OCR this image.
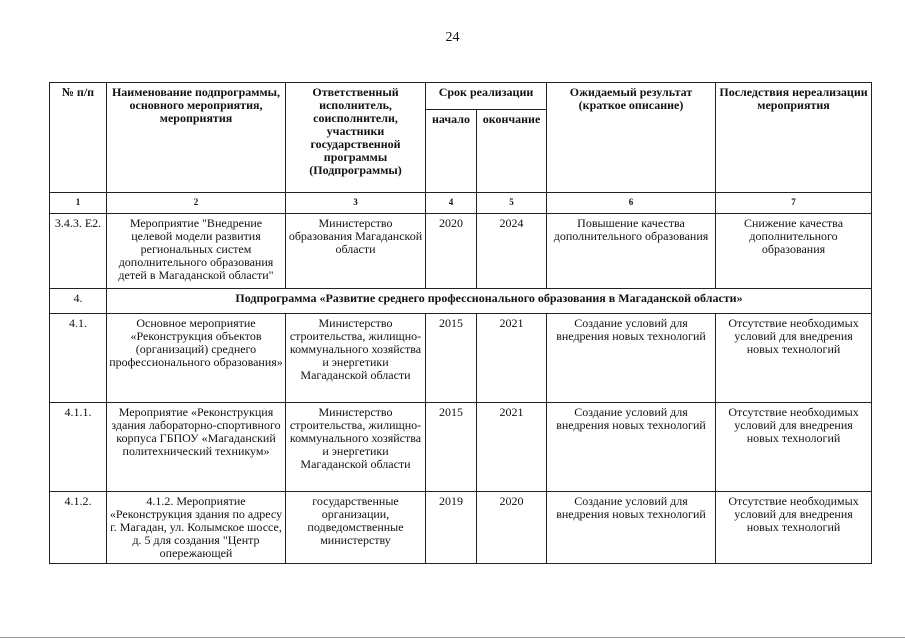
24
№ п/п	Наименование подпрограммы, основного мероприятия, мероприятия	Ответственный исполнитель, соисполнители, участники государственной программы (Подпрограммы)	Срок реализации		Ожидаемый результат (краткое описание)	Последствия нереализации мероприятия
			начало	окончание		
1	2	3	4	5	6	7
3.4.3. E2.	Мероприятие "Внедрение целевой модели развития региональных систем дополнительного образования детей в Магаданской области"	Министерство образования Магаданской области	2020	2024	Повышение качества дополнительного образования	Снижение качества дополнительного образования
4.	Подпрограмма «Развитие среднего профессионального образования в Магаданской области»					
4.1.	Основное мероприятие «Реконструкция объектов (организаций) среднего профессионального образования»	Министерство строительства, жилищно-коммунального хозяйства и энергетики Магаданской области	2015	2021	Создание условий для внедрения новых технологий	Отсутствие необходимых условий для внедрения новых технологий
4.1.1.	Мероприятие «Реконструкция здания лабораторно-спортивного корпуса ГБПОУ «Магаданский политехнический техникум»	Министерство строительства, жилищно-коммунального хозяйства и энергетики Магаданской области	2015	2021	Создание условий для внедрения новых технологий	Отсутствие необходимых условий для внедрения новых технологий
4.1.2.	4.1.2. Мероприятие «Реконструкция здания по адресу г. Магадан, ул. Колымское шоссе, д. 5 для создания "Центр опережающей	государственные организации, подведомственные министерству	2019	2020	Создание условий для внедрения новых технологий	Отсутствие необходимых условий для внедрения новых технологий
